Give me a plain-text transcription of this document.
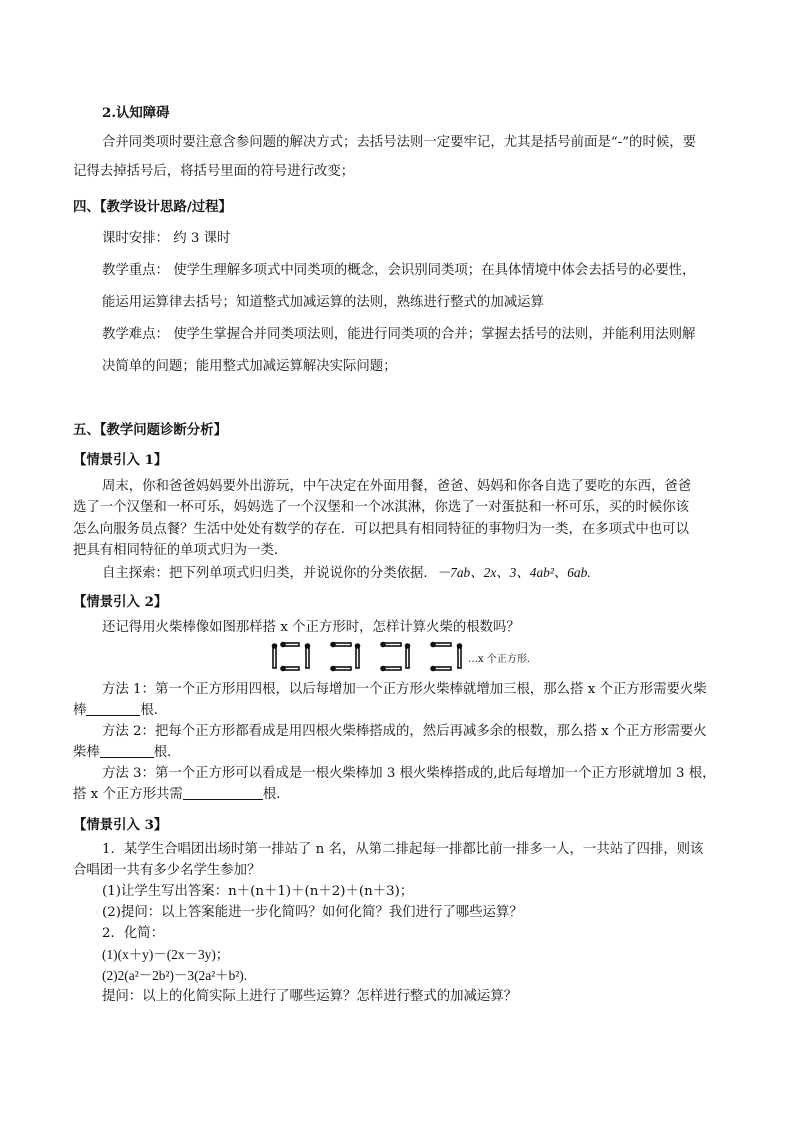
2.认知障碍
合并同类项时要注意含参问题的解决方式；去括号法则一定要牢记，尤其是括号前面是“-”的时候，要
记得去掉括号后，将括号里面的符号进行改变；
四、【教学设计思路/过程】
课时安排： 约 3 课时
教学重点： 使学生理解多项式中同类项的概念，会识别同类项；在具体情境中体会去括号的必要性，
能运用运算律去括号；知道整式加减运算的法则，熟练进行整式的加减运算
教学难点： 使学生掌握合并同类项法则，能进行同类项的合并；掌握去括号的法则，并能利用法则解
决简单的问题；能用整式加减运算解决实际问题；
五、【教学问题诊断分析】
【情景引入 1】
周末，你和爸爸妈妈要外出游玩，中午决定在外面用餐，爸爸、妈妈和你各自选了要吃的东西，爸爸
选了一个汉堡和一杯可乐，妈妈选了一个汉堡和一个冰淇淋，你选了一对蛋挞和一杯可乐，买的时候你该
怎么向服务员点餐？生活中处处有数学的存在．可以把具有相同特征的事物归为一类，在多项式中也可以
把具有相同特征的单项式归为一类．
自主探索：把下列单项式归归类，并说说你的分类依据．－7ab、2x、3、4ab²、6ab.
【情景引入 2】
还记得用火柴棒像如图那样搭 x 个正方形时，怎样计算火柴的根数吗？
…x 个正方形.
方法 1：第一个正方形用四根，以后每增加一个正方形火柴棒就增加三根，那么搭 x 个正方形需要火柴
棒	根．
方法 2：把每个正方形都看成是用四根火柴棒搭成的，然后再减多余的根数，那么搭 x 个正方形需要火
柴棒	根．
方法 3：第一个正方形可以看成是一根火柴棒加 3 根火柴棒搭成的,此后每增加一个正方形就增加 3 根，
搭 x 个正方形共需	根．
【情景引入 3】
1．某学生合唱团出场时第一排站了 n 名，从第二排起每一排都比前一排多一人，一共站了四排，则该
合唱团一共有多少名学生参加？
(1)让学生写出答案：n＋(n＋1)＋(n＋2)＋(n＋3)；
(2)提问：以上答案能进一步化简吗？如何化简？我们进行了哪些运算？
2．化简：
(1)(x＋y)－(2x－3y)；
(2)2(a²－2b²)－3(2a²＋b²).
提问：以上的化简实际上进行了哪些运算？怎样进行整式的加减运算？
